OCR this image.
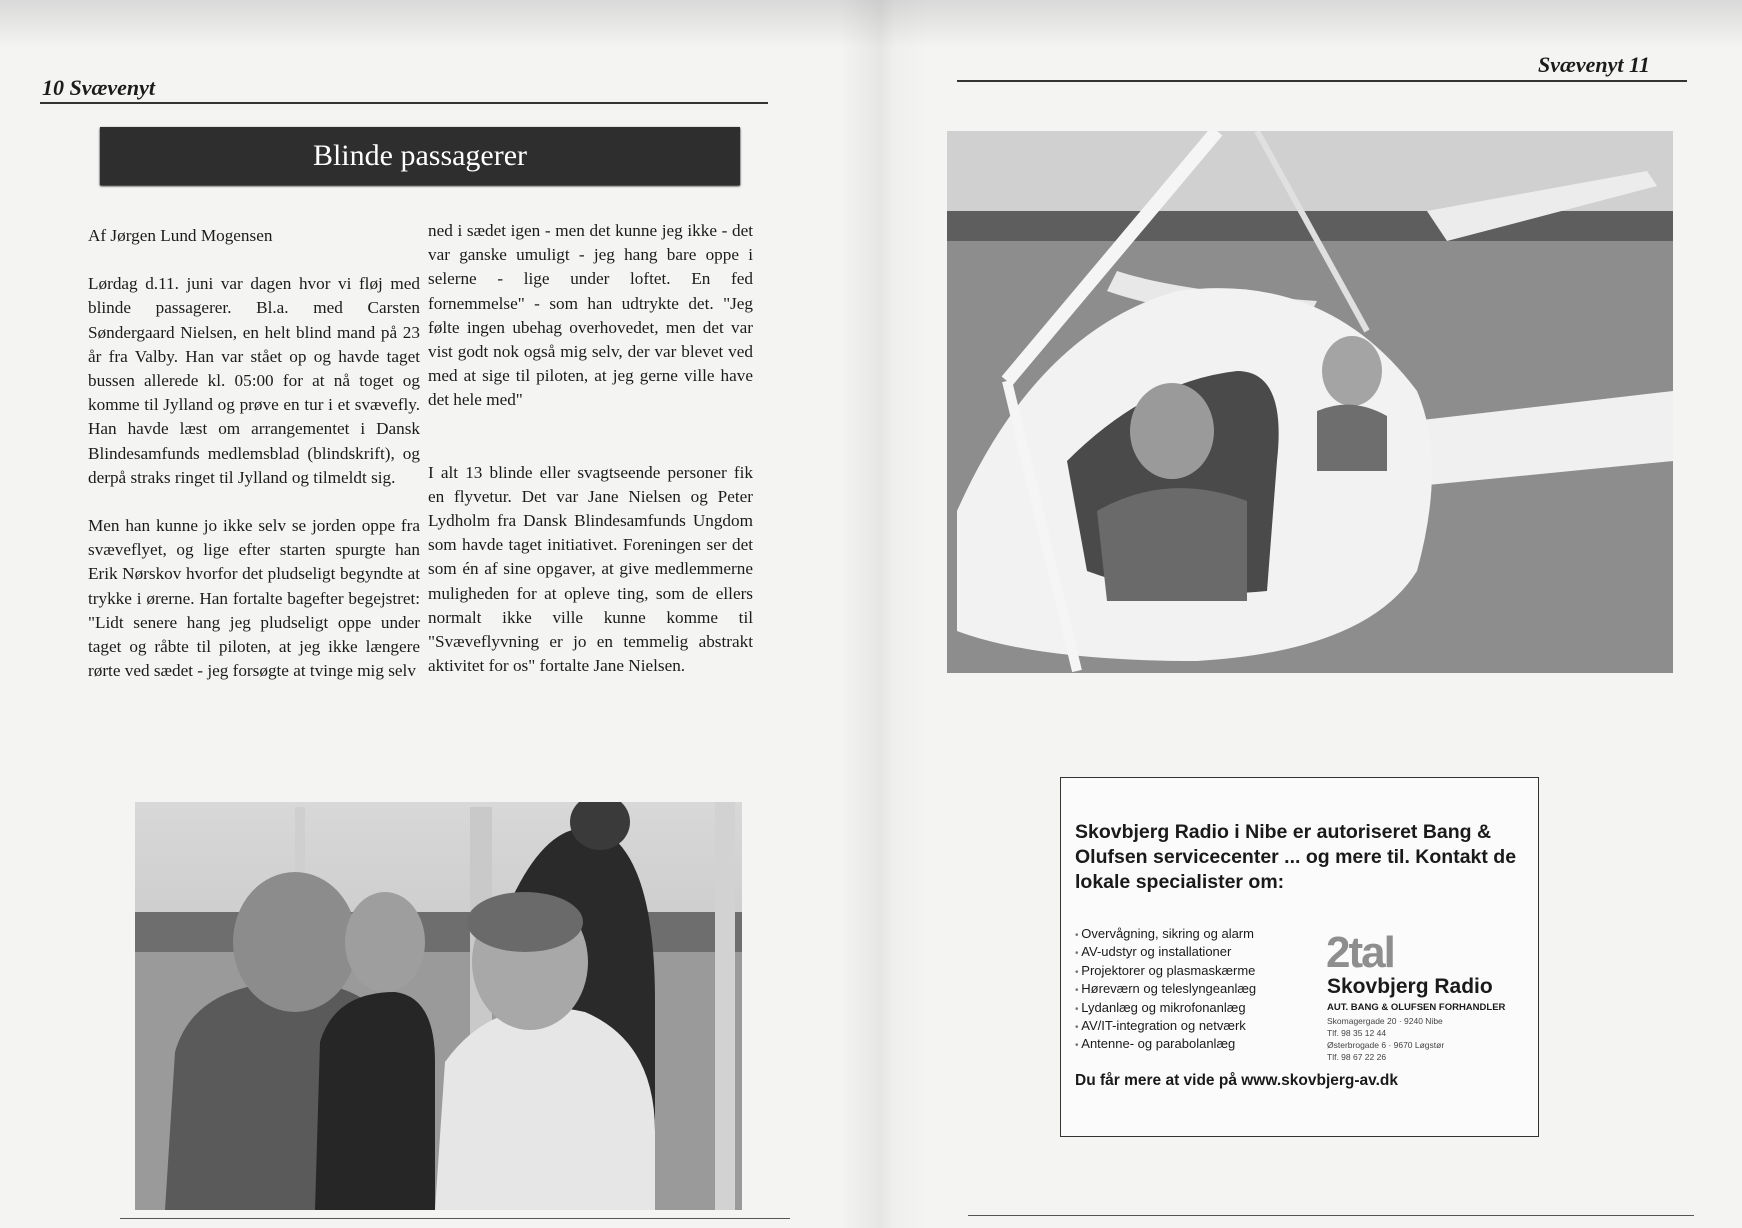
10 Svævenyt
Blinde passagerer

Af Jørgen Lund Mogensen

Lørdag d.11. juni var dagen hvor vi fløj med blinde passagerer. Bl.a. med Carsten Søndergaard Nielsen, en helt blind mand på 23 år fra Valby. Han var stået op og havde taget bussen allerede kl. 05:00 for at nå toget og komme til Jylland og prøve en tur i et svævefly. Han havde læst om arrangementet i Dansk Blindesamfunds medlemsblad (blindskrift), og derpå straks ringet til Jylland og tilmeldt sig.

Men han kunne jo ikke selv se jorden oppe fra svæveflyet, og lige efter starten spurgte han Erik Nørskov hvorfor det pludseligt begyndte at trykke i ørerne. Han fortalte bagefter begejstret: "Lidt senere hang jeg pludseligt oppe under taget og råbte til piloten, at jeg ikke længere rørte ved sædet - jeg forsøgte at tvinge mig selv

ned i sædet igen - men det kunne jeg ikke - det var ganske umuligt - jeg hang bare oppe i selerne - lige under loftet. En fed fornemmelse" - som han udtrykte det. "Jeg følte ingen ubehag overhovedet, men det var vist godt nok også mig selv, der var blevet ved med at sige til piloten, at jeg gerne ville have det hele med"

I alt 13 blinde eller svagtseende personer fik en flyvetur. Det var Jane Nielsen og Peter Lydholm fra Dansk Blindesamfunds Ungdom som havde taget initiativet. Foreningen ser det som én af sine opgaver, at give medlemmerne muligheden for at opleve ting, som de ellers normalt ikke ville kunne komme til "Svæveflyvning er jo en temmelig abstrakt aktivitet for os" fortalte Jane Nielsen.

Svævenyt 11
Skovbjerg Radio i Nibe er autoriseret Bang & Olufsen servicecenter ... og mere til. Kontakt de lokale specialister om:
• Overvågning, sikring og alarm
• AV-udstyr og installationer
• Projektorer og plasmaskærme
• Høreværn og teleslyngeanlæg
• Lydanlæg og mikrofonanlæg
• AV/IT-integration og netværk
• Antenne- og parabolanlæg
2tal
Skovbjerg Radio
AUT. BANG & OLUFSEN FORHANDLER
Skomagergade 20 · 9240 Nibe
Tlf. 98 35 12 44
Østerbrogade 6 · 9670 Løgstør
Tlf. 98 67 22 26
Du får mere at vide på www.skovbjerg-av.dk
